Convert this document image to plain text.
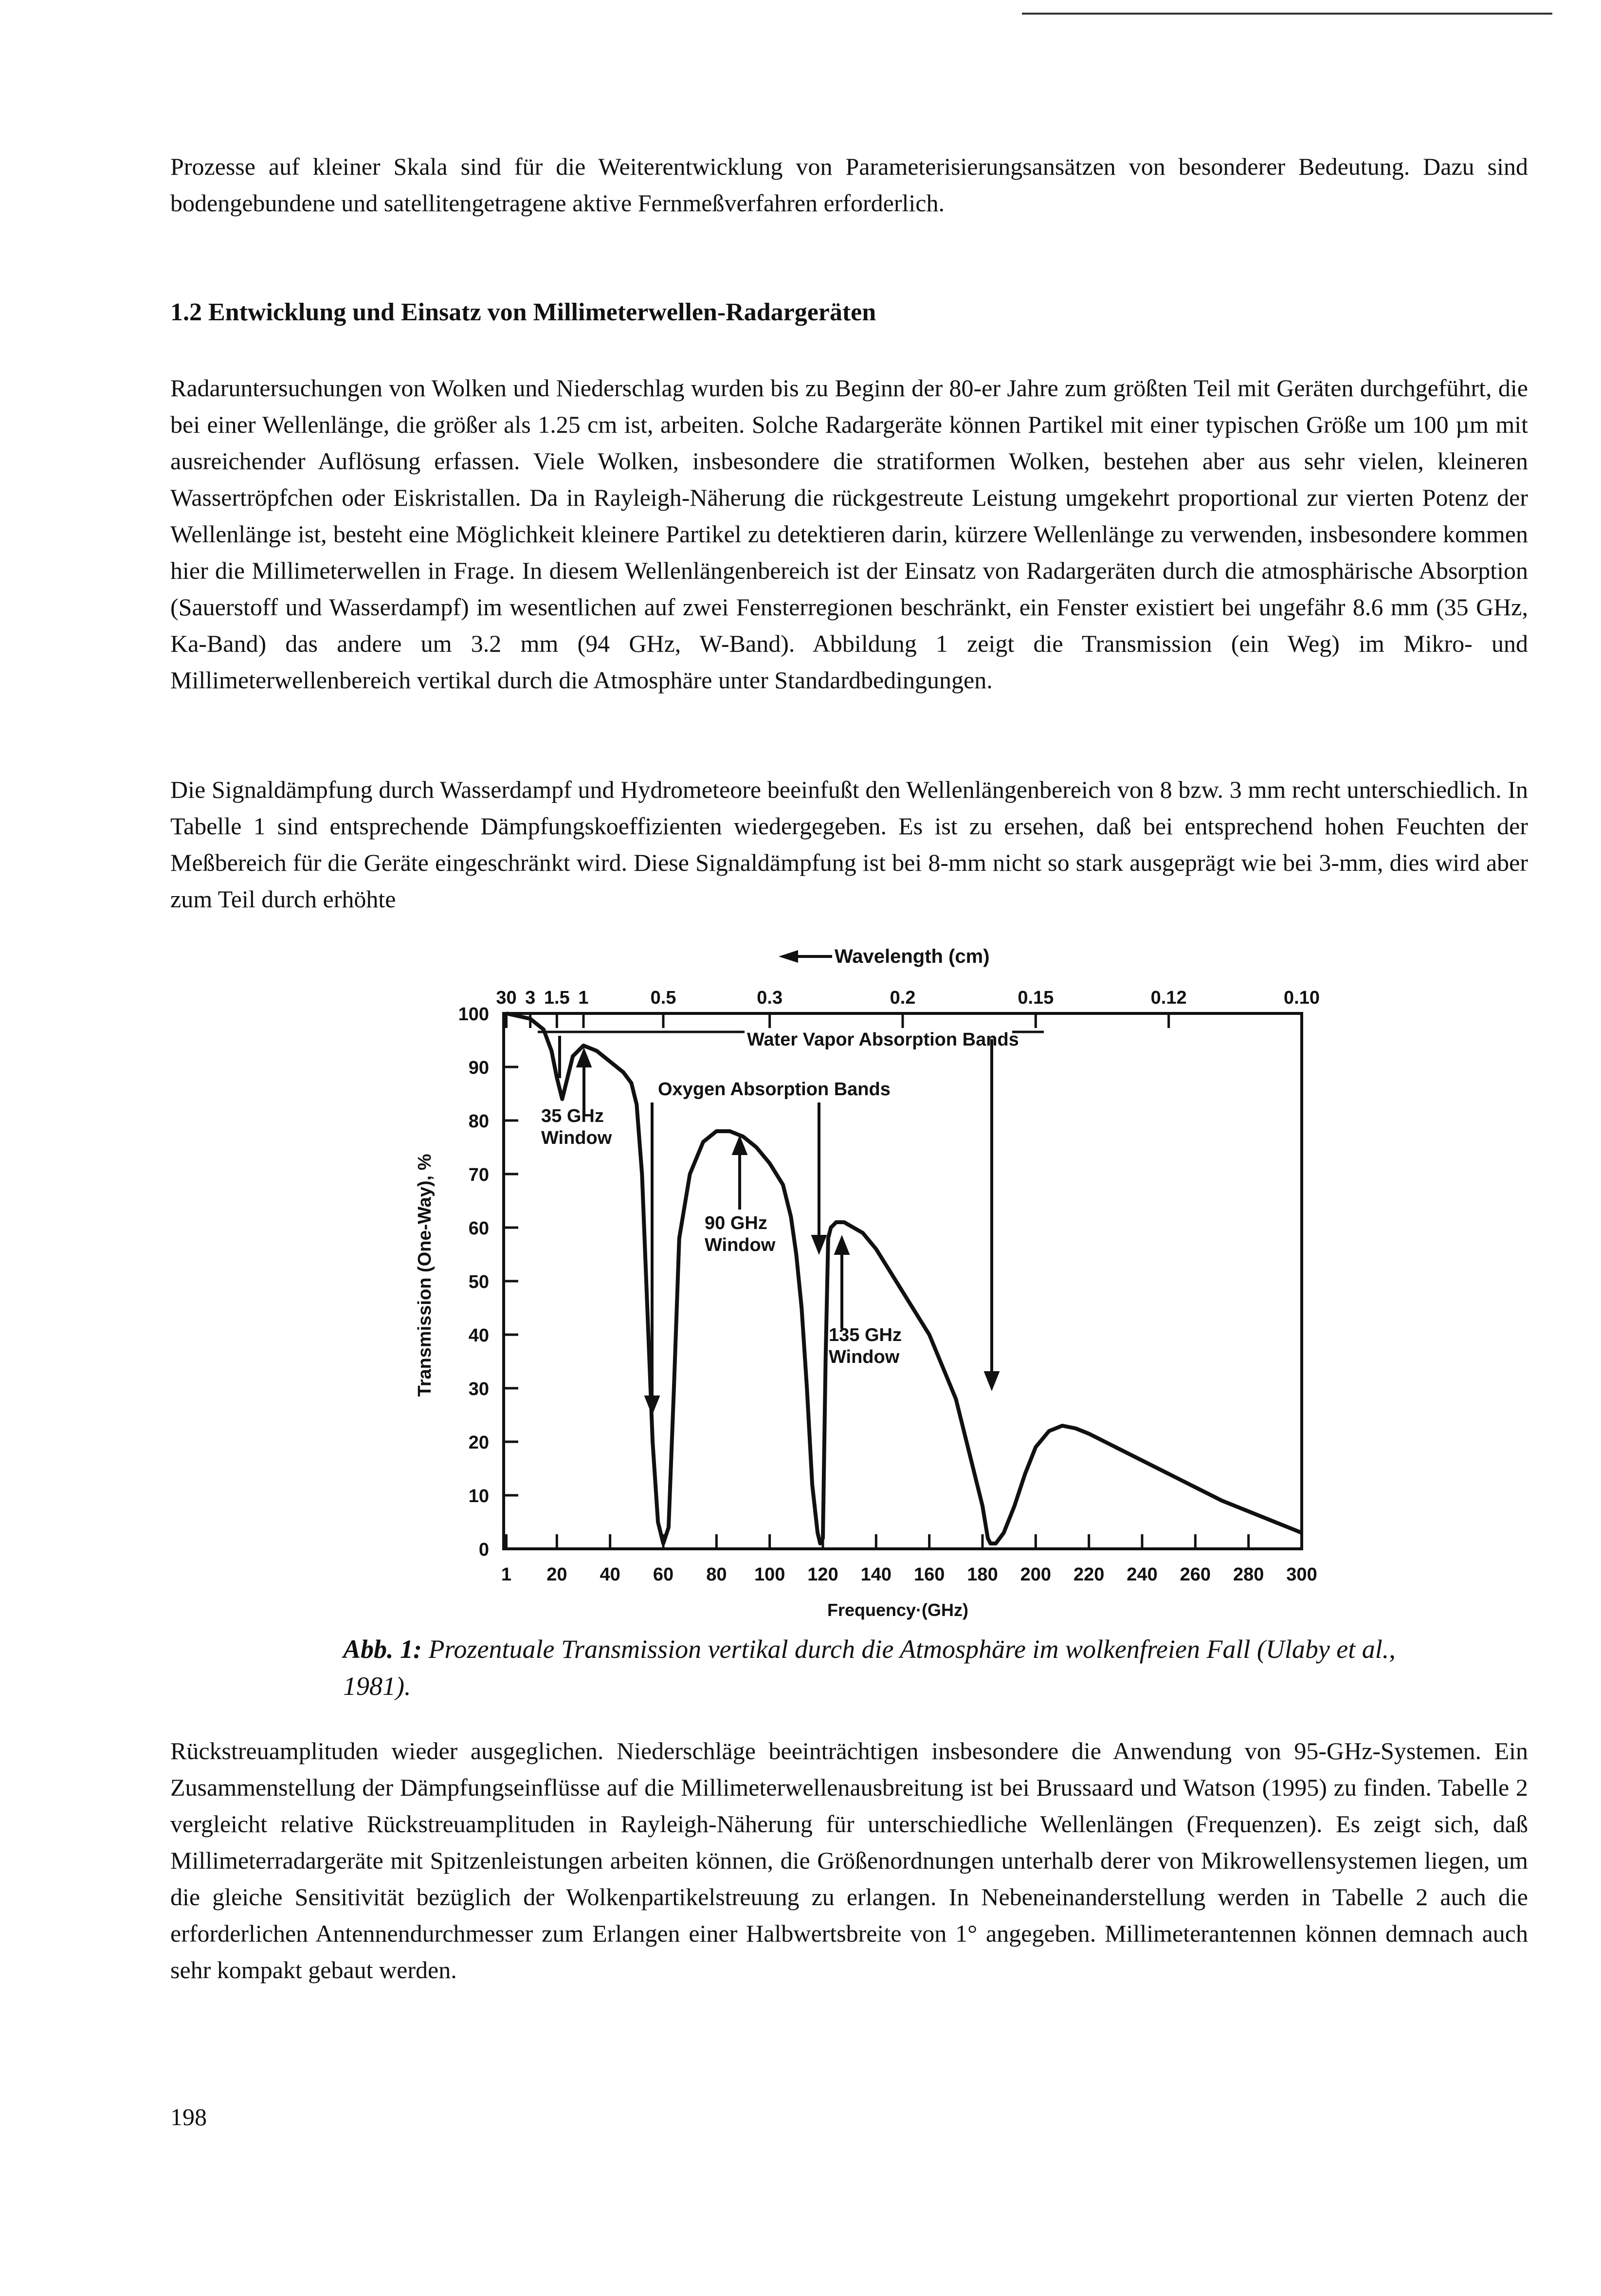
Prozesse auf kleiner Skala sind für die Weiterentwicklung von Parameterisierungsansätzen von besonderer Bedeutung. Dazu sind bodengebundene und satellitengetragene aktive Fernmeßverfahren erforderlich.

1.2 Entwicklung und Einsatz von Millimeterwellen-Radargeräten

Radaruntersuchungen von Wolken und Niederschlag wurden bis zu Beginn der 80-er Jahre zum größten Teil mit Geräten durchgeführt, die bei einer Wellenlänge, die größer als 1.25 cm ist, arbeiten. Solche Radargeräte können Partikel mit einer typischen Größe um 100 µm mit ausreichender Auflösung erfassen. Viele Wolken, insbesondere die stratiformen Wolken, bestehen aber aus sehr vielen, kleineren Wassertröpfchen oder Eiskristallen. Da in Rayleigh-Näherung die rückgestreute Leistung umgekehrt proportional zur vierten Potenz der Wellenlänge ist, besteht eine Möglichkeit kleinere Partikel zu detektieren darin, kürzere Wellenlänge zu verwenden, insbesondere kommen hier die Millimeterwellen in Frage. In diesem Wellenlängenbereich ist der Einsatz von Radargeräten durch die atmosphärische Absorption (Sauerstoff und Wasserdampf) im wesentlichen auf zwei Fensterregionen beschränkt, ein Fenster existiert bei ungefähr 8.6 mm (35 GHz, Ka-Band) das andere um 3.2 mm (94 GHz, W-Band). Abbildung 1 zeigt die Transmission (ein Weg) im Mikro- und Millimeterwellenbereich vertikal durch die Atmosphäre unter Standardbedingungen.

Die Signaldämpfung durch Wasserdampf und Hydrometeore beeinfußt den Wellenlängenbereich von 8 bzw. 3 mm recht unterschiedlich. In Tabelle 1 sind entsprechende Dämpfungskoeffizienten wiedergegeben. Es ist zu ersehen, daß bei entsprechend hohen Feuchten der Meßbereich für die Geräte eingeschränkt wird. Diese Signaldämpfung ist bei 8-mm nicht so stark ausgeprägt wie bei 3-mm, dies wird aber zum Teil durch erhöhte

1 20 40 60 80 100 120 140 160 180 200 220 240 260 280 300
0
10
20
30
40
50
60
70
80
90
100
30 3 1.5 1	0.5	0.3	0.2	0.15	0.12	0.10
Wavelength (cm)
Frequency·(GHz)
Transmission (One-Way), %
Water Vapor Absorption Bands
Oxygen Absorption Bands
35 GHz
Window
90 GHz
Window
135 GHz
Window

Abb. 1: Prozentuale Transmission vertikal durch die Atmosphäre im wolkenfreien Fall (Ulaby et al., 1981).

Rückstreuamplituden wieder ausgeglichen. Niederschläge beeinträchtigen insbesondere die Anwendung von 95-GHz-Systemen. Ein Zusammenstellung der Dämpfungseinflüsse auf die Millimeterwellenausbreitung ist bei Brussaard und Watson (1995) zu finden. Tabelle 2 vergleicht relative Rückstreuamplituden in Rayleigh-Näherung für unterschiedliche Wellenlängen (Frequenzen). Es zeigt sich, daß Millimeterradargeräte mit Spitzenleistungen arbeiten können, die Größenordnungen unterhalb derer von Mikrowellensystemen liegen, um die gleiche Sensitivität bezüglich der Wolkenpartikelstreuung zu erlangen. In Nebeneinanderstellung werden in Tabelle 2 auch die erforderlichen Antennendurchmesser zum Erlangen einer Halbwertsbreite von 1° angegeben. Millimeterantennen können demnach auch sehr kompakt gebaut werden.

198
